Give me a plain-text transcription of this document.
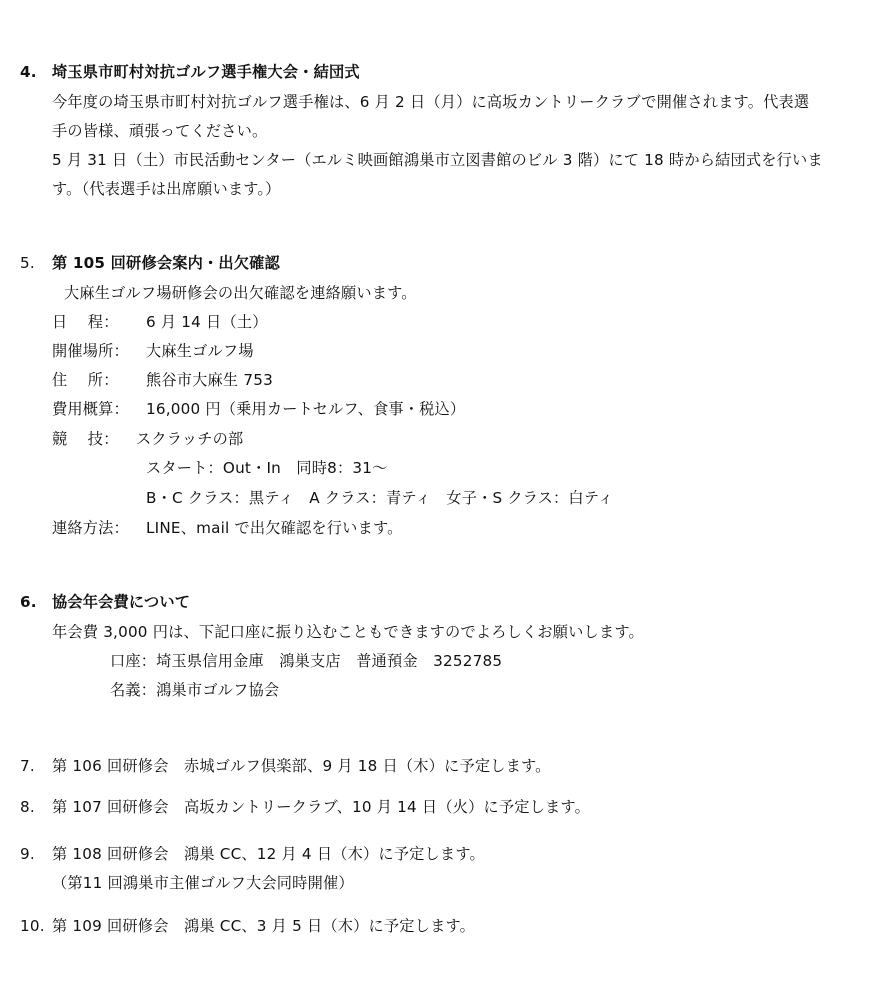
4. 埼玉県市町村対抗ゴルフ選手権大会・結団式
今年度の埼玉県市町村対抗ゴルフ選手権は、6 月 2 日（月）に高坂カントリークラブで開催されます。代表選
手の皆様、頑張ってください。
5 月 31 日（土）市民活動センター（エルミ映画館鴻巣市立図書館のビル 3 階）にて 18 時から結団式を行いま
す。（代表選手は出席願います。）
5. 第 105 回研修会案内・出欠確認
大麻生ゴルフ場研修会の出欠確認を連絡願います。
日　 程： 6 月 14 日（土）
開催場所： 大麻生ゴルフ場
住　 所： 熊谷市大麻生 753
費用概算： 16,000 円（乗用カートセルフ、食事・税込）
競　 技： スクラッチの部
スタート：Out・In　同時8：31～
B・C クラス：黒ティ　A クラス：青ティ　女子・S クラス：白ティ
連絡方法： LINE、mail で出欠確認を行います。
6. 協会年会費について
年会費 3,000 円は、下記口座に振り込むこともできますのでよろしくお願いします。
口座：埼玉県信用金庫　鴻巣支店　普通預金　3252785
名義：鴻巣市ゴルフ協会
7. 第 106 回研修会　赤城ゴルフ倶楽部、9 月 18 日（木）に予定します。
8. 第 107 回研修会　高坂カントリークラブ、10 月 14 日（火）に予定します。
9. 第 108 回研修会　鴻巣 CC、12 月 4 日（木）に予定します。
（第11 回鴻巣市主催ゴルフ大会同時開催）
10. 第 109 回研修会　鴻巣 CC、3 月 5 日（木）に予定します。
